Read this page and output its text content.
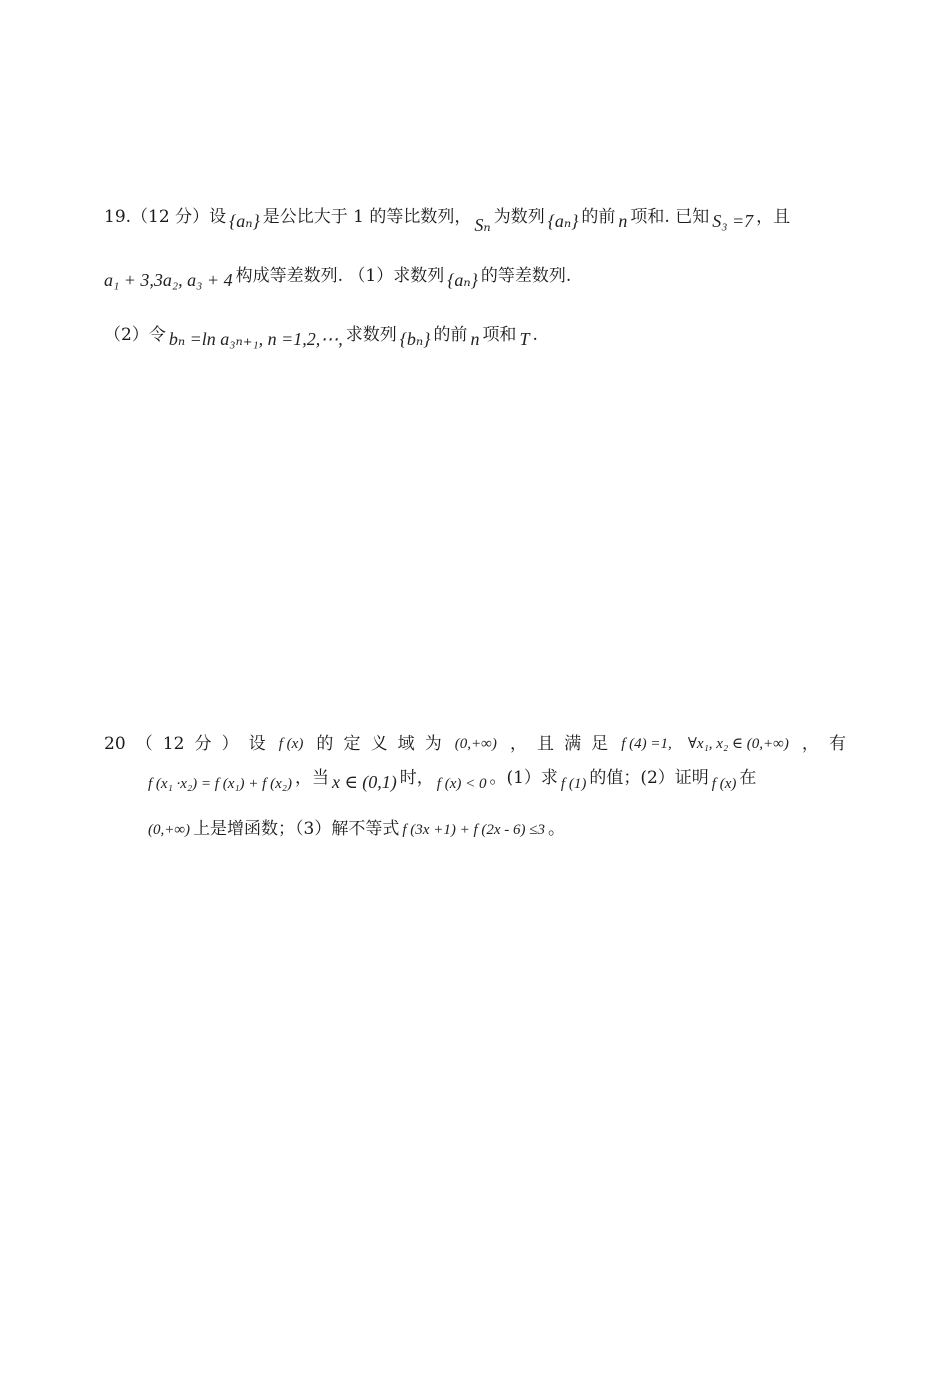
19.（12 分）设 {aₙ} 是公比大于 1 的等比数列， Sₙ 为数列 {aₙ} 的前 n 项和. 已知 S₃ =7 ，且
a₁ + 3,3a₂, a₃ + 4 构成等差数列. （1）求数列 {aₙ} 的等差数列.
（2）令 bₙ =ln a₃ₙ₊₁, n =1,2,⋯, 求数列 {bₙ} 的前 n 项和 T .
20 （ 12 分 ） 设 f (x) 的 定 义 域 为 (0,+∞) ， 且 满 足 f (4) =1, ∀x₁, x₂ ∈ (0,+∞) ， 有
f (x₁ ·x₂) = f (x₁) + f (x₂) ，当 x ∈ (0,1) 时， f (x) < 0 。(1）求 f (1) 的值；(2）证明 f (x) 在
(0,+∞) 上是增函数；（3）解不等式 f (3x +1) + f (2x - 6) ≤3 。
